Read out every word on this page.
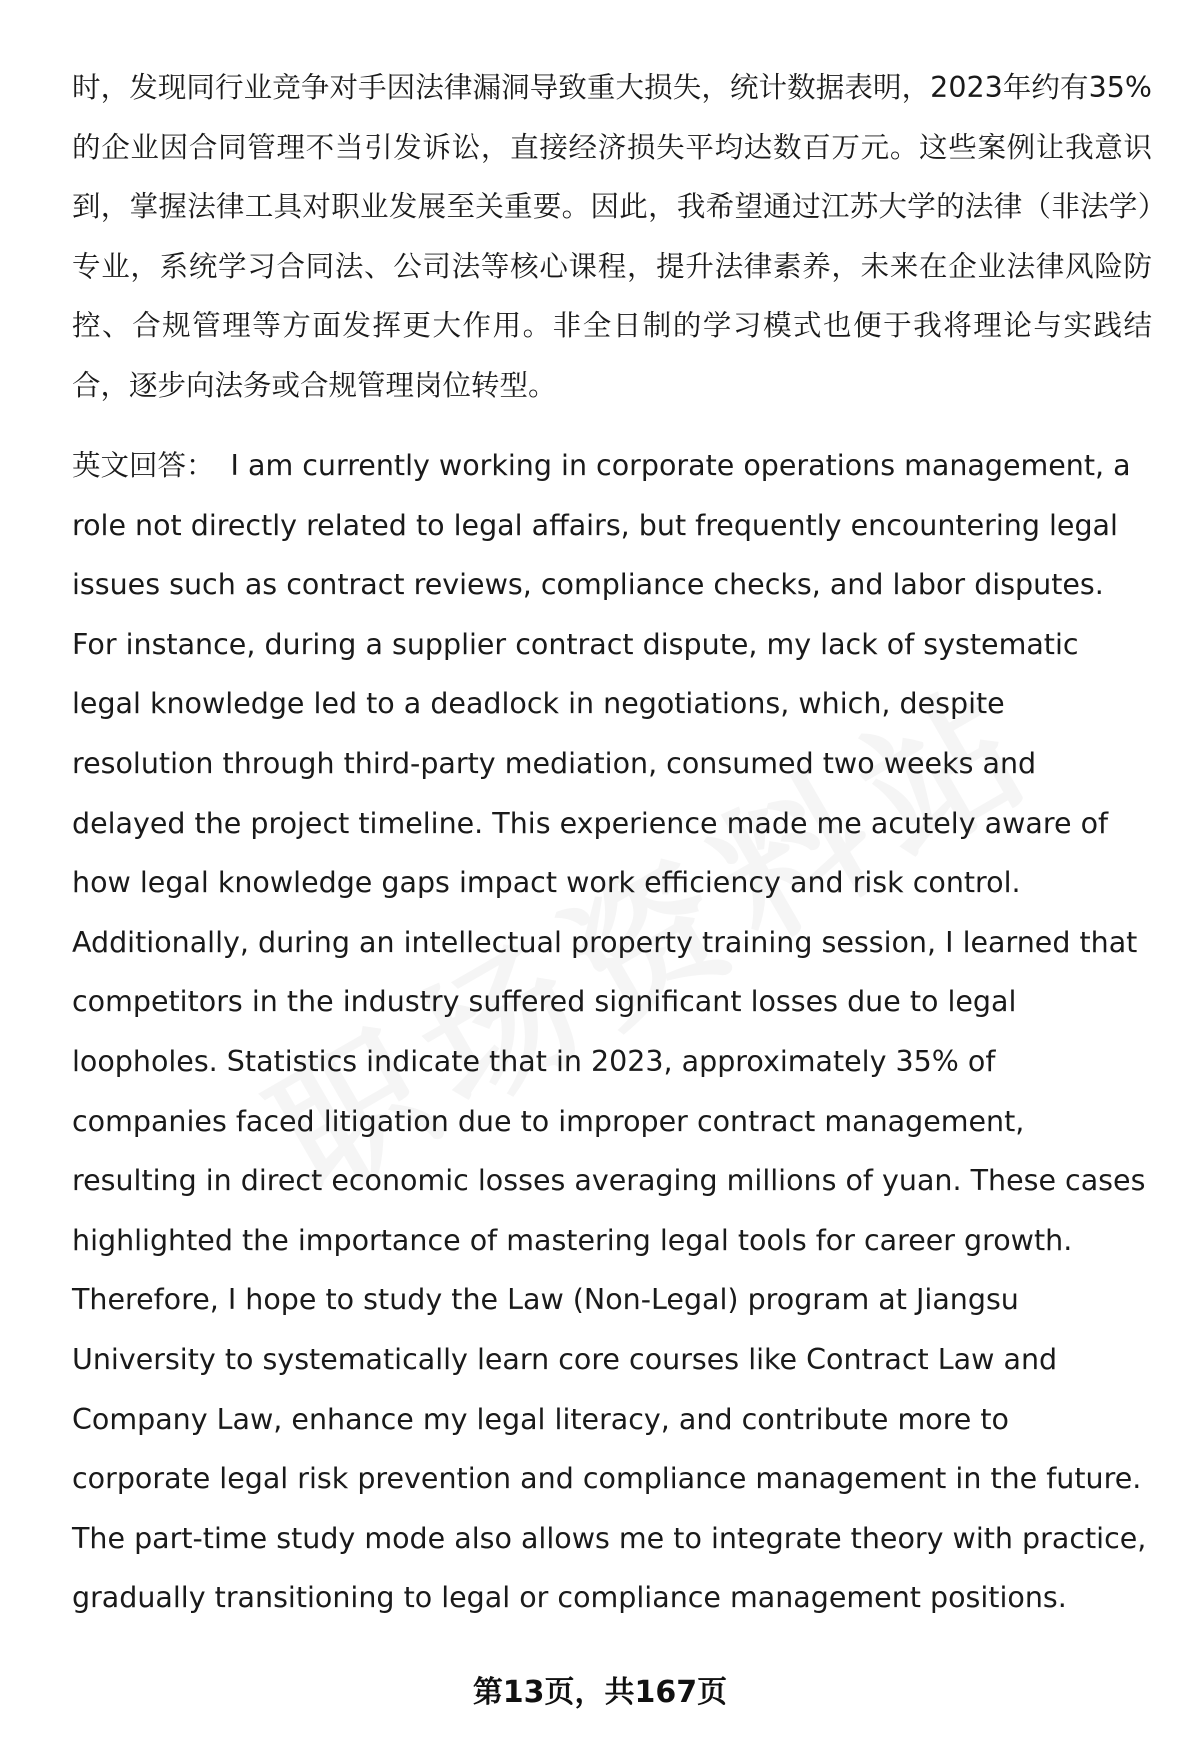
时，发现同行业竞争对手因法律漏洞导致重大损失，统计数据表明，2023年约有35%的企业因合同管理不当引发诉讼，直接经济损失平均达数百万元。这些案例让我意识到，掌握法律工具对职业发展至关重要。因此，我希望通过江苏大学的法律（非法学）专业，系统学习合同法、公司法等核心课程，提升法律素养，未来在企业法律风险防控、合规管理等方面发挥更大作用。非全日制的学习模式也便于我将理论与实践结合，逐步向法务或合规管理岗位转型。

英文回答： I am currently working in corporate operations management, a role not directly related to legal affairs, but frequently encountering legal issues such as contract reviews, compliance checks, and labor disputes. For instance, during a supplier contract dispute, my lack of systematic legal knowledge led to a deadlock in negotiations, which, despite resolution through third-party mediation, consumed two weeks and delayed the project timeline. This experience made me acutely aware of how legal knowledge gaps impact work efficiency and risk control. Additionally, during an intellectual property training session, I learned that competitors in the industry suffered significant losses due to legal loopholes. Statistics indicate that in 2023, approximately 35% of companies faced litigation due to improper contract management, resulting in direct economic losses averaging millions of yuan. These cases highlighted the importance of mastering legal tools for career growth. Therefore, I hope to study the Law (Non-Legal) program at Jiangsu University to systematically learn core courses like Contract Law and Company Law, enhance my legal literacy, and contribute more to corporate legal risk prevention and compliance management in the future. The part-time study mode also allows me to integrate theory with practice, gradually transitioning to legal or compliance management positions.

第13页，共167页
